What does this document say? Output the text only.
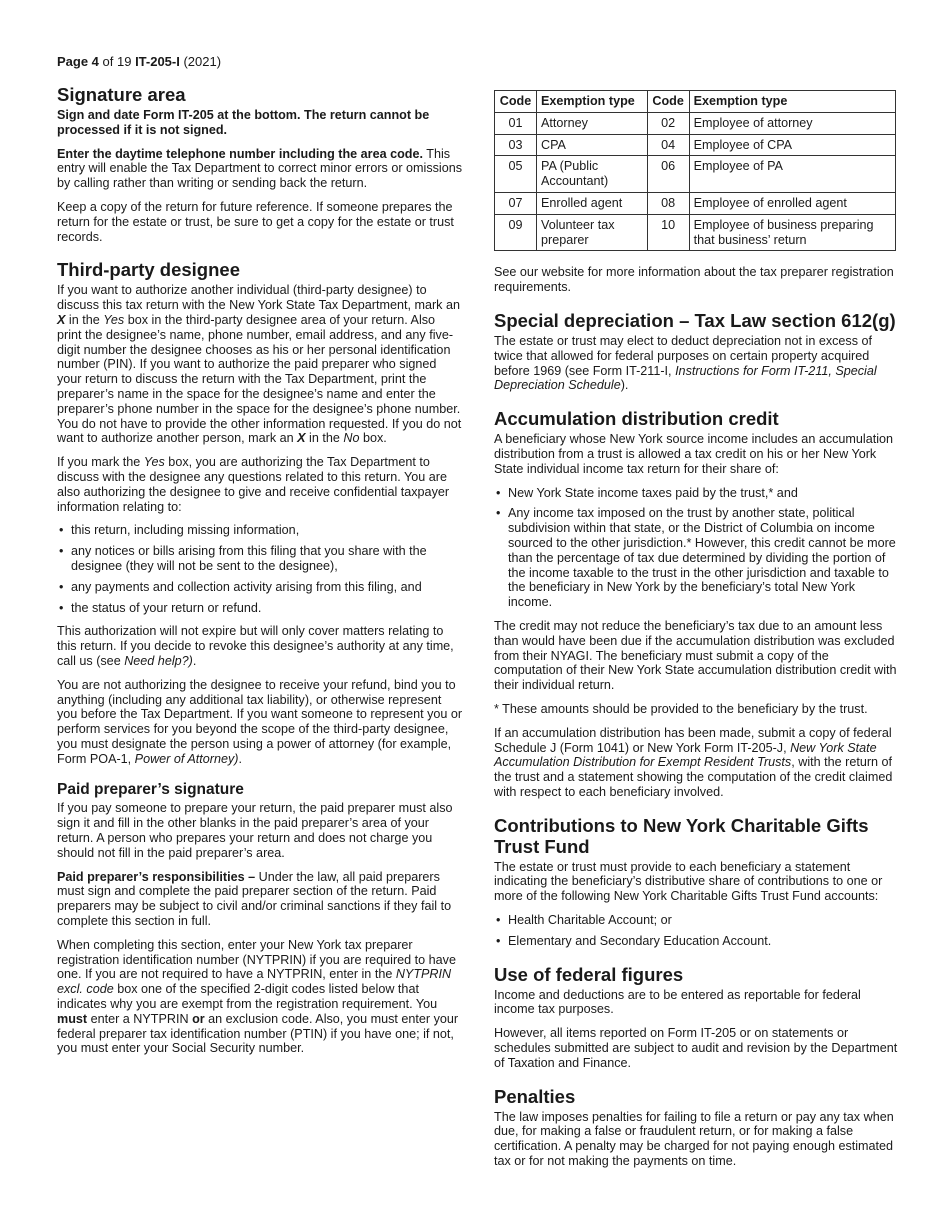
Page 4 of 19 IT-205-I (2021)
Signature area

Sign and date Form IT-205 at the bottom. The return cannot be processed if it is not signed.

Enter the daytime telephone number including the area code. This entry will enable the Tax Department to correct minor errors or omissions by calling rather than writing or sending back the return.

Keep a copy of the return for future reference. If someone prepares the return for the estate or trust, be sure to get a copy for the estate or trust records.

Third-party designee

If you want to authorize another individual (third-party designee) to discuss this tax return with the New York State Tax Department, mark an X in the Yes box in the third-party designee area of your return. Also print the designee’s name, phone number, email address, and any five-digit number the designee chooses as his or her personal identification number (PIN). If you want to authorize the paid preparer who signed your return to discuss the return with the Tax Department, print the preparer’s name in the space for the designee’s name and enter the preparer’s phone number in the space for the designee’s phone number. You do not have to provide the other information requested. If you do not want to authorize another person, mark an X in the No box.

If you mark the Yes box, you are authorizing the Tax Department to discuss with the designee any questions related to this return. You are also authorizing the designee to give and receive confidential taxpayer information relating to:

• this return, including missing information,
• any notices or bills arising from this filing that you share with the designee (they will not be sent to the designee),
• any payments and collection activity arising from this filing, and
• the status of your return or refund.

This authorization will not expire but will only cover matters relating to this return. If you decide to revoke this designee’s authority at any time, call us (see Need help?).

You are not authorizing the designee to receive your refund, bind you to anything (including any additional tax liability), or otherwise represent you before the Tax Department. If you want someone to represent you or perform services for you beyond the scope of the third-party designee, you must designate the person using a power of attorney (for example, Form POA-1, Power of Attorney).

Paid preparer’s signature

If you pay someone to prepare your return, the paid preparer must also sign it and fill in the other blanks in the paid preparer’s area of your return. A person who prepares your return and does not charge you should not fill in the paid preparer’s area.

Paid preparer’s responsibilities – Under the law, all paid preparers must sign and complete the paid preparer section of the return. Paid preparers may be subject to civil and/or criminal sanctions if they fail to complete this section in full.

When completing this section, enter your New York tax preparer registration identification number (NYTPRIN) if you are required to have one. If you are not required to have a NYTPRIN, enter in the NYTPRIN excl. code box one of the specified 2-digit codes listed below that indicates why you are exempt from the registration requirement. You must enter a NYTPRIN or an exclusion code. Also, you must enter your federal preparer tax identification number (PTIN) if you have one; if not, you must enter your Social Security number.

Code	Exemption type	Code	Exemption type
01	Attorney	02	Employee of attorney
03	CPA	04	Employee of CPA
05	PA (Public Accountant)	06	Employee of PA
07	Enrolled agent	08	Employee of enrolled agent
09	Volunteer tax preparer	10	Employee of business preparing that business’ return

See our website for more information about the tax preparer registration requirements.

Special depreciation – Tax Law section 612(g)

The estate or trust may elect to deduct depreciation not in excess of twice that allowed for federal purposes on certain property acquired before 1969 (see Form IT-211-I, Instructions for Form IT-211, Special Depreciation Schedule).

Accumulation distribution credit

A beneficiary whose New York source income includes an accumulation distribution from a trust is allowed a tax credit on his or her New York State individual income tax return for their share of:

• New York State income taxes paid by the trust,* and
• Any income tax imposed on the trust by another state, political subdivision within that state, or the District of Columbia on income sourced to the other jurisdiction.* However, this credit cannot be more than the percentage of tax due determined by dividing the portion of the income taxable to the trust in the other jurisdiction and taxable to the beneficiary in New York by the beneficiary’s total New York income.

The credit may not reduce the beneficiary’s tax due to an amount less than would have been due if the accumulation distribution was excluded from their NYAGI. The beneficiary must submit a copy of the computation of their New York State accumulation distribution credit with their individual return.

* These amounts should be provided to the beneficiary by the trust.

If an accumulation distribution has been made, submit a copy of federal Schedule J (Form 1041) or New York Form IT-205-J, New York State Accumulation Distribution for Exempt Resident Trusts, with the return of the trust and a statement showing the computation of the credit claimed with respect to each beneficiary involved.

Contributions to New York Charitable Gifts Trust Fund

The estate or trust must provide to each beneficiary a statement indicating the beneficiary’s distributive share of contributions to one or more of the following New York Charitable Gifts Trust Fund accounts:

• Health Charitable Account; or
• Elementary and Secondary Education Account.
Use of federal figures

Income and deductions are to be entered as reportable for federal income tax purposes.

However, all items reported on Form IT-205 or on statements or schedules submitted are subject to audit and revision by the Department of Taxation and Finance.

Penalties

The law imposes penalties for failing to file a return or pay any tax when due, for making a false or fraudulent return, or for making a false certification. A penalty may be charged for not paying enough estimated tax or for not making the payments on time.
